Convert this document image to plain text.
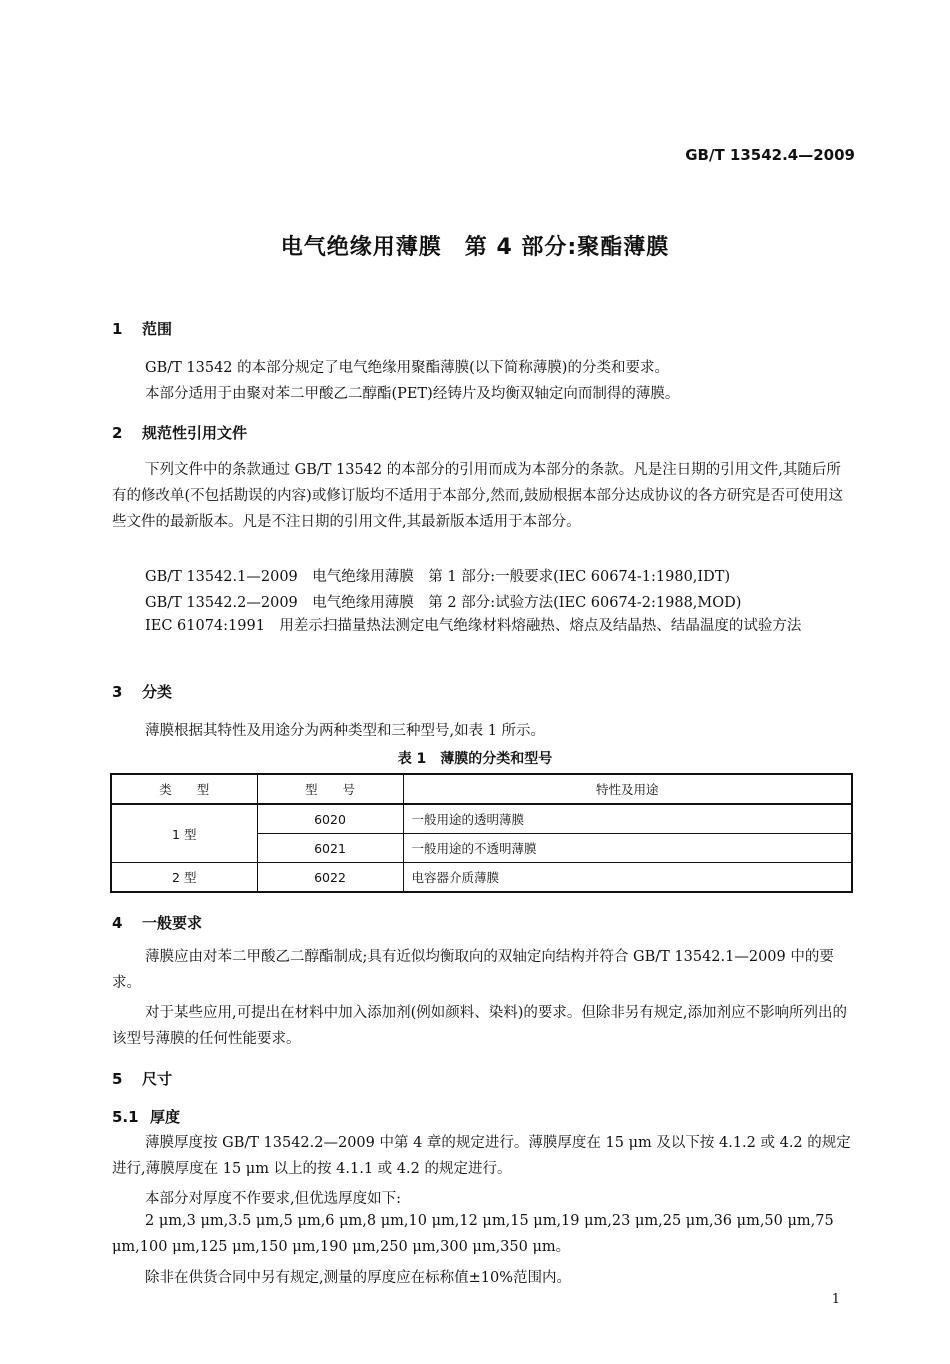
GB/T 13542.4—2009
电气绝缘用薄膜　第 4 部分:聚酯薄膜
1 范围
GB/T 13542 的本部分规定了电气绝缘用聚酯薄膜(以下简称薄膜)的分类和要求。
本部分适用于由聚对苯二甲酸乙二醇酯(PET)经铸片及均衡双轴定向而制得的薄膜。
2 规范性引用文件
下列文件中的条款通过 GB/T 13542 的本部分的引用而成为本部分的条款。凡是注日期的引用文件,其随后所有的修改单(不包括勘误的内容)或修订版均不适用于本部分,然而,鼓励根据本部分达成协议的各方研究是否可使用这些文件的最新版本。凡是不注日期的引用文件,其最新版本适用于本部分。
GB/T 13542.1—2009　电气绝缘用薄膜　第 1 部分:一般要求(IEC 60674-1:1980,IDT)
GB/T 13542.2—2009　电气绝缘用薄膜　第 2 部分:试验方法(IEC 60674-2:1988,MOD)
IEC 61074:1991　用差示扫描量热法测定电气绝缘材料熔融热、熔点及结晶热、结晶温度的试验方法
3 分类
薄膜根据其特性及用途分为两种类型和三种型号,如表 1 所示。
表 1　薄膜的分类和型号
类　　型	型　　号	特性及用途
1 型	6020	一般用途的透明薄膜
	6021	一般用途的不透明薄膜
2 型	6022	电容器介质薄膜
4 一般要求
薄膜应由对苯二甲酸乙二醇酯制成;具有近似均衡取向的双轴定向结构并符合 GB/T 13542.1—2009 中的要求。
对于某些应用,可提出在材料中加入添加剂(例如颜料、染料)的要求。但除非另有规定,添加剂应不影响所列出的该型号薄膜的任何性能要求。
5 尺寸
5.1 厚度
薄膜厚度按 GB/T 13542.2—2009 中第 4 章的规定进行。薄膜厚度在 15 μm 及以下按 4.1.2 或 4.2 的规定进行,薄膜厚度在 15 μm 以上的按 4.1.1 或 4.2 的规定进行。
本部分对厚度不作要求,但优选厚度如下:
2 μm,3 μm,3.5 μm,5 μm,6 μm,8 μm,10 μm,12 μm,15 μm,19 μm,23 μm,25 μm,36 μm,50 μm,75 μm,100 μm,125 μm,150 μm,190 μm,250 μm,300 μm,350 μm。
除非在供货合同中另有规定,测量的厚度应在标称值±10%范围内。
1
